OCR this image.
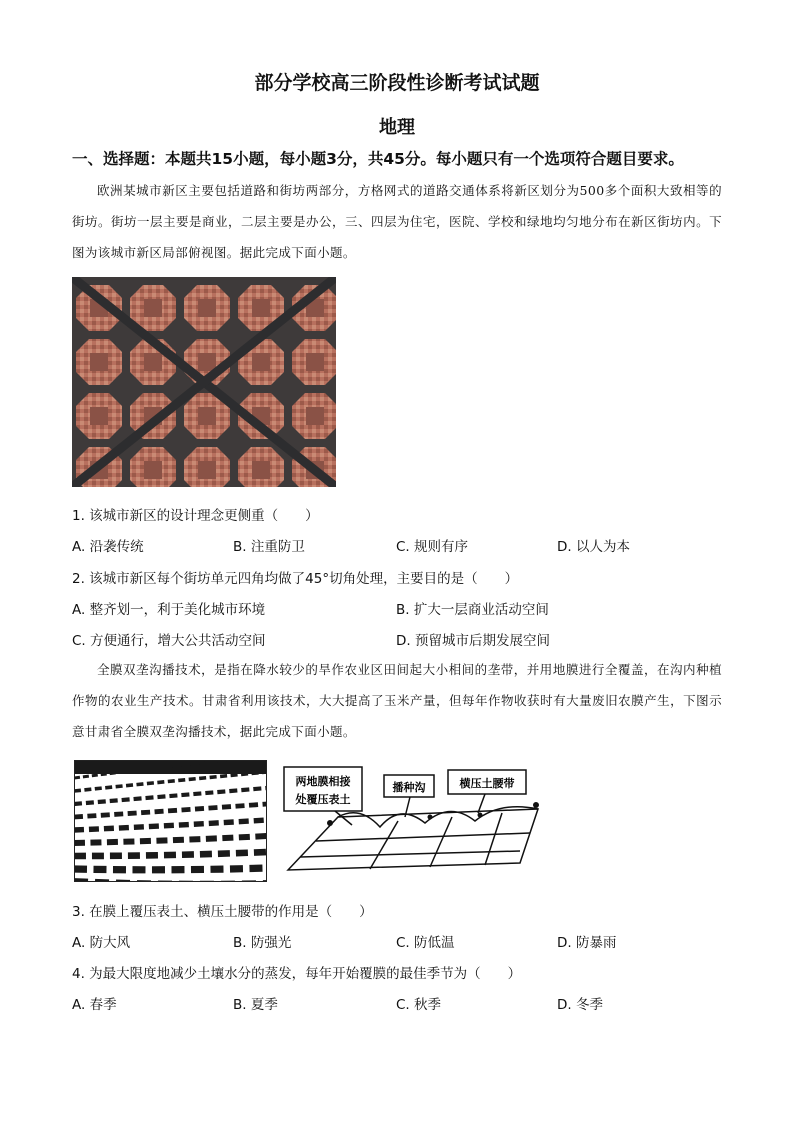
部分学校高三阶段性诊断考试试题
地理
一、选择题：本题共15小题，每小题3分，共45分。每小题只有一个选项符合题目要求。
欧洲某城市新区主要包括道路和街坊两部分，方格网式的道路交通体系将新区划分为500多个面积大致相等的街坊。街坊一层主要是商业，二层主要是办公，三、四层为住宅，医院、学校和绿地均匀地分布在新区街坊内。下图为该城市新区局部俯视图。据此完成下面小题。
1. 该城市新区的设计理念更侧重（　　）
A. 沿袭传统	B. 注重防卫	C. 规则有序	D. 以人为本
2. 该城市新区每个街坊单元四角均做了45°切角处理，主要目的是（　　）
A. 整齐划一，利于美化城市环境	B. 扩大一层商业活动空间
C. 方便通行，增大公共活动空间	D. 预留城市后期发展空间
全膜双垄沟播技术，是指在降水较少的旱作农业区田间起大小相间的垄带，并用地膜进行全覆盖，在沟内种植作物的农业生产技术。甘肃省利用该技术，大大提高了玉米产量，但每年作物收获时有大量废旧农膜产生，下图示意甘肃省全膜双垄沟播技术，据此完成下面小题。
两地膜相接
处覆压表土
播种沟	横压土腰带
3. 在膜上覆压表土、横压土腰带的作用是（　　）
A. 防大风	B. 防强光	C. 防低温	D. 防暴雨
4. 为最大限度地减少土壤水分的蒸发，每年开始覆膜的最佳季节为（　　）
A. 春季	B. 夏季	C. 秋季	D. 冬季
